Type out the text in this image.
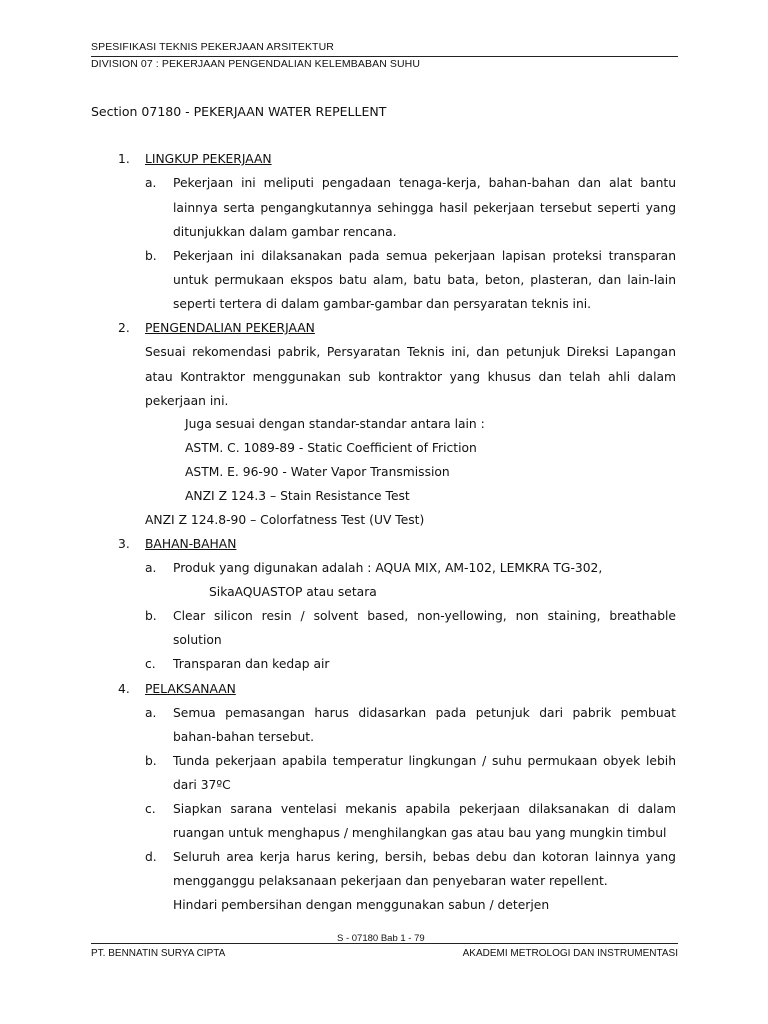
SPESIFIKASI TEKNIS PEKERJAAN ARSITEKTUR
DIVISION 07 : PEKERJAAN PENGENDALIAN KELEMBABAN SUHU
Section 07180 - PEKERJAAN WATER REPELLENT
1. LINGKUP PEKERJAAN
a. Pekerjaan ini meliputi pengadaan tenaga-kerja, bahan-bahan dan alat bantu
lainnya serta pengangkutannya sehingga hasil pekerjaan tersebut seperti yang
ditunjukkan dalam gambar rencana.
b. Pekerjaan ini dilaksanakan pada semua pekerjaan lapisan proteksi transparan
untuk permukaan ekspos batu alam, batu bata, beton, plasteran, dan lain-lain
seperti tertera di dalam gambar-gambar dan persyaratan teknis ini.
2. PENGENDALIAN PEKERJAAN
Sesuai rekomendasi pabrik, Persyaratan Teknis ini, dan petunjuk Direksi Lapangan
atau Kontraktor menggunakan sub kontraktor yang khusus dan telah ahli dalam
pekerjaan ini.
Juga sesuai dengan standar-standar antara lain :
ASTM. C. 1089-89 - Static Coefficient of Friction
ASTM. E. 96-90 - Water Vapor Transmission
ANZI Z 124.3 – Stain Resistance Test
ANZI Z 124.8-90 – Colorfatness Test (UV Test)
3. BAHAN-BAHAN
a. Produk yang digunakan adalah : AQUA MIX, AM-102, LEMKRA TG-302,
SikaAQUASTOP atau setara
b. Clear silicon resin / solvent based, non-yellowing, non staining, breathable
solution
c. Transparan dan kedap air
4. PELAKSANAAN
a. Semua pemasangan harus didasarkan pada petunjuk dari pabrik pembuat
bahan-bahan tersebut.
b. Tunda pekerjaan apabila temperatur lingkungan / suhu permukaan obyek lebih
dari 37ºC
c. Siapkan sarana ventelasi mekanis apabila pekerjaan dilaksanakan di dalam
ruangan untuk menghapus / menghilangkan gas atau bau yang mungkin timbul
d. Seluruh area kerja harus kering, bersih, bebas debu dan kotoran lainnya yang
mengganggu pelaksanaan pekerjaan dan penyebaran water repellent.
Hindari pembersihan dengan menggunakan sabun / deterjen
S - 07180 Bab 1 - 79
PT. BENNATIN SURYA CIPTA	AKADEMI METROLOGI DAN INSTRUMENTASI
